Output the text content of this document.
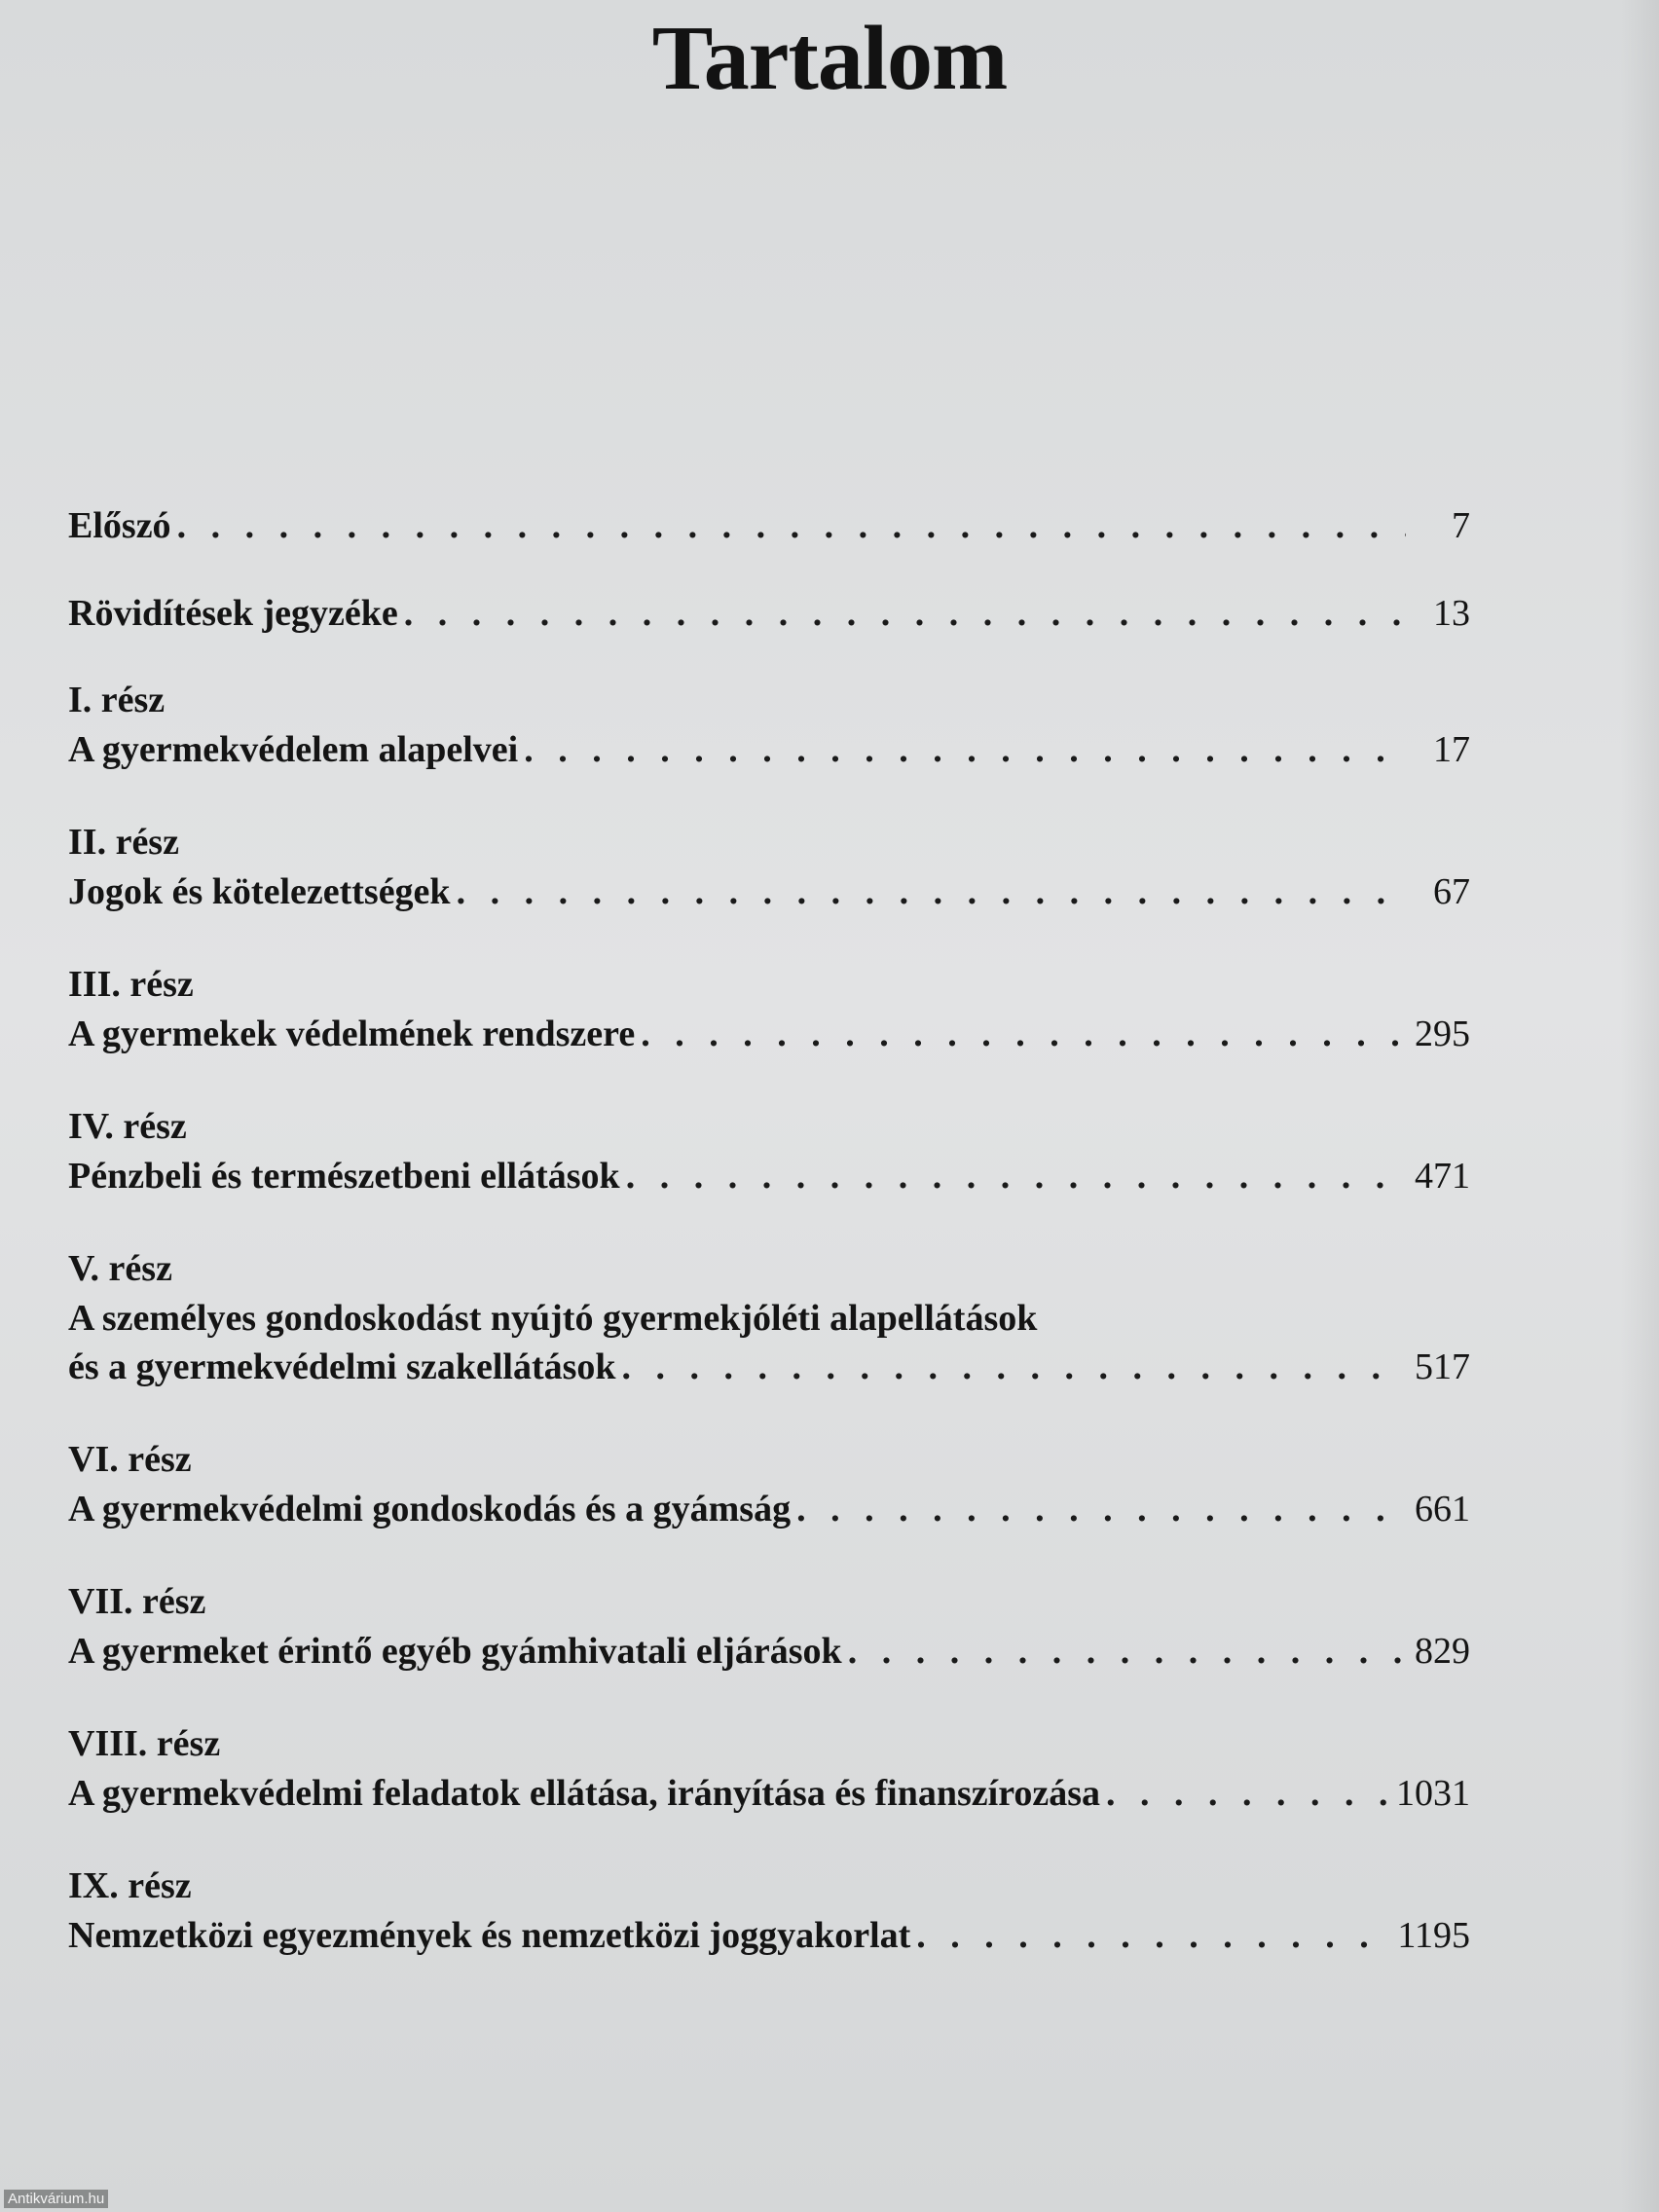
Tartalom
Előszó . . .	7
Rövidítések jegyzéke . . .	13
I. rész
A gyermekvédelem alapelvei . . .	17
II. rész
Jogok és kötelezettségek . . .	67
III. rész
A gyermekek védelmének rendszere . . .	295
IV. rész
Pénzbeli és természetbeni ellátások . . .	471
V. rész
A személyes gondoskodást nyújtó gyermekjóléti alapellátások
és a gyermekvédelmi szakellátások . . .	517
VI. rész
A gyermekvédelmi gondoskodás és a gyámság . . .	661
VII. rész
A gyermeket érintő egyéb gyámhivatali eljárások . . .	829
VIII. rész
A gyermekvédelmi feladatok ellátása, irányítása és finanszírozása . . .	1031
IX. rész
Nemzetközi egyezmények és nemzetközi joggyakorlat . . .	1195
Antikvárium.hu
